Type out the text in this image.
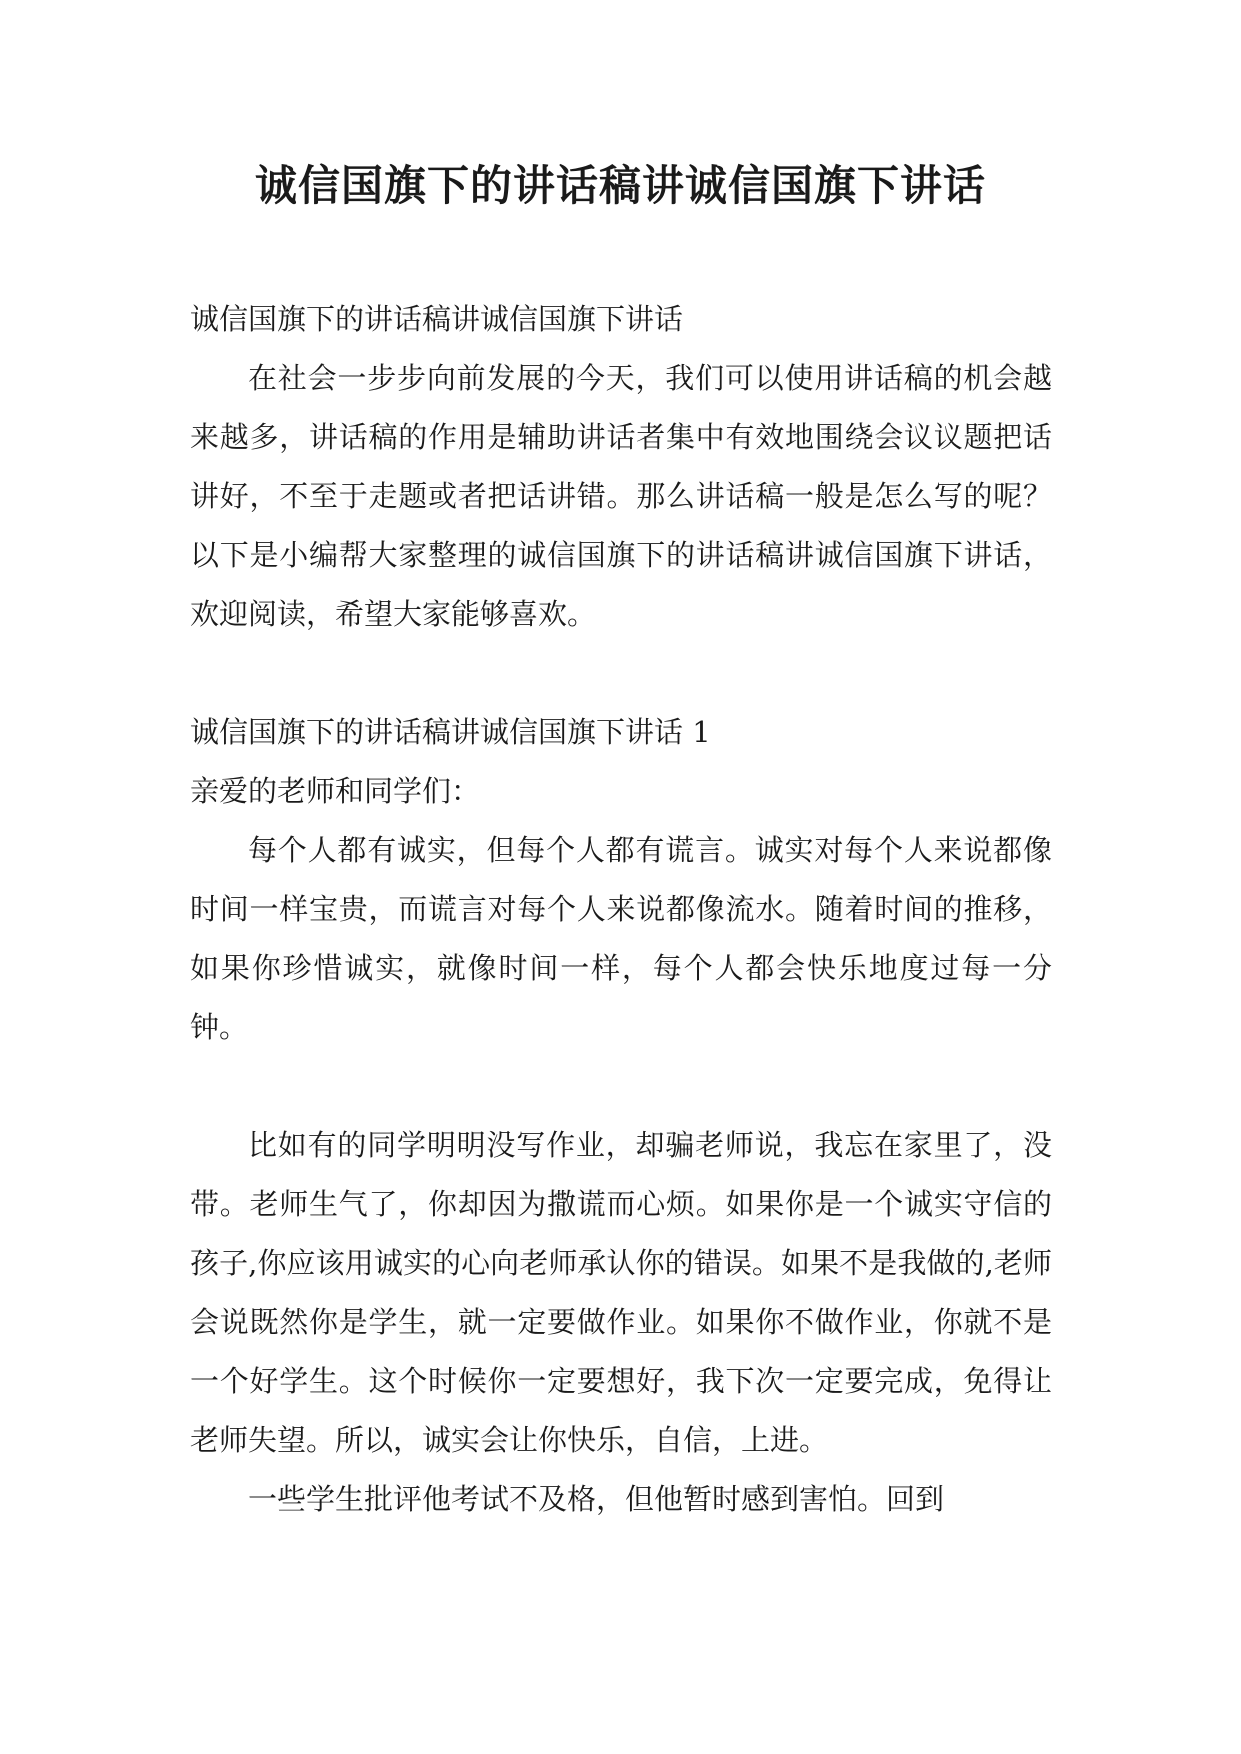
诚信国旗下的讲话稿讲诚信国旗下讲话

诚信国旗下的讲话稿讲诚信国旗下讲话

在社会一步步向前发展的今天，我们可以使用讲话稿的机会越来越多，讲话稿的作用是辅助讲话者集中有效地围绕会议议题把话讲好，不至于走题或者把话讲错。那么讲话稿一般是怎么写的呢？以下是小编帮大家整理的诚信国旗下的讲话稿讲诚信国旗下讲话，欢迎阅读，希望大家能够喜欢。

诚信国旗下的讲话稿讲诚信国旗下讲话 1

亲爱的老师和同学们：

每个人都有诚实，但每个人都有谎言。诚实对每个人来说都像时间一样宝贵，而谎言对每个人来说都像流水。随着时间的推移，如果你珍惜诚实，就像时间一样，每个人都会快乐地度过每一分钟。

比如有的同学明明没写作业，却骗老师说，我忘在家里了，没带。老师生气了，你却因为撒谎而心烦。如果你是一个诚实守信的孩子,你应该用诚实的心向老师承认你的错误。如果不是我做的,老师会说既然你是学生，就一定要做作业。如果你不做作业，你就不是一个好学生。这个时候你一定要想好，我下次一定要完成，免得让老师失望。所以，诚实会让你快乐，自信，上进。

一些学生批评他考试不及格，但他暂时感到害怕。回到
